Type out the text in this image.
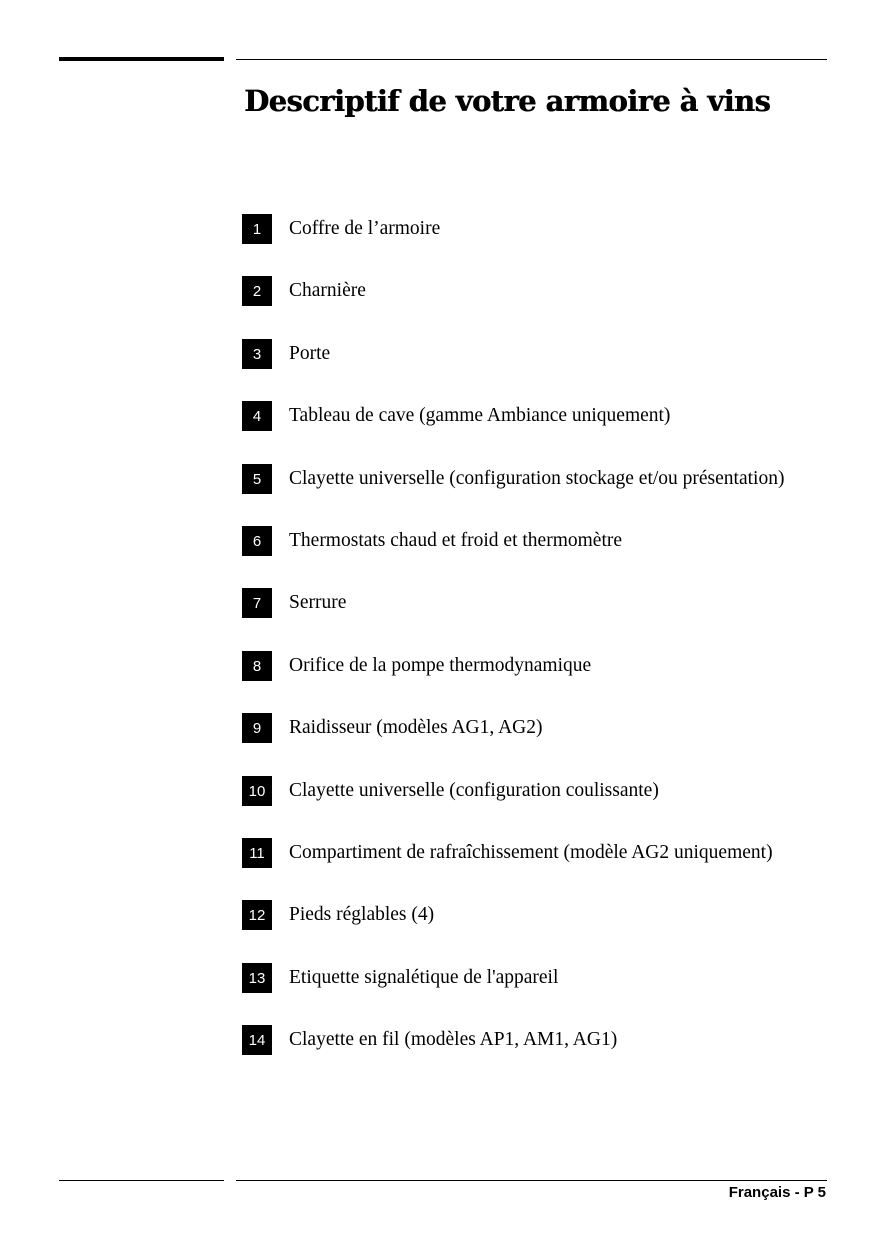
Descriptif de votre armoire à vins
1	Coffre de l’armoire
2	Charnière
3	Porte
4	Tableau de cave (gamme Ambiance uniquement)
5	Clayette universelle (configuration stockage et/ou présentation)
6	Thermostats chaud et froid et thermomètre
7	Serrure
8	Orifice de la pompe thermodynamique
9	Raidisseur (modèles AG1, AG2)
10	Clayette universelle (configuration coulissante)
11	Compartiment de rafraîchissement (modèle AG2 uniquement)
12	Pieds réglables (4)
13	Etiquette signalétique de l'appareil
14	Clayette en fil (modèles AP1, AM1, AG1)
Français - P 5
